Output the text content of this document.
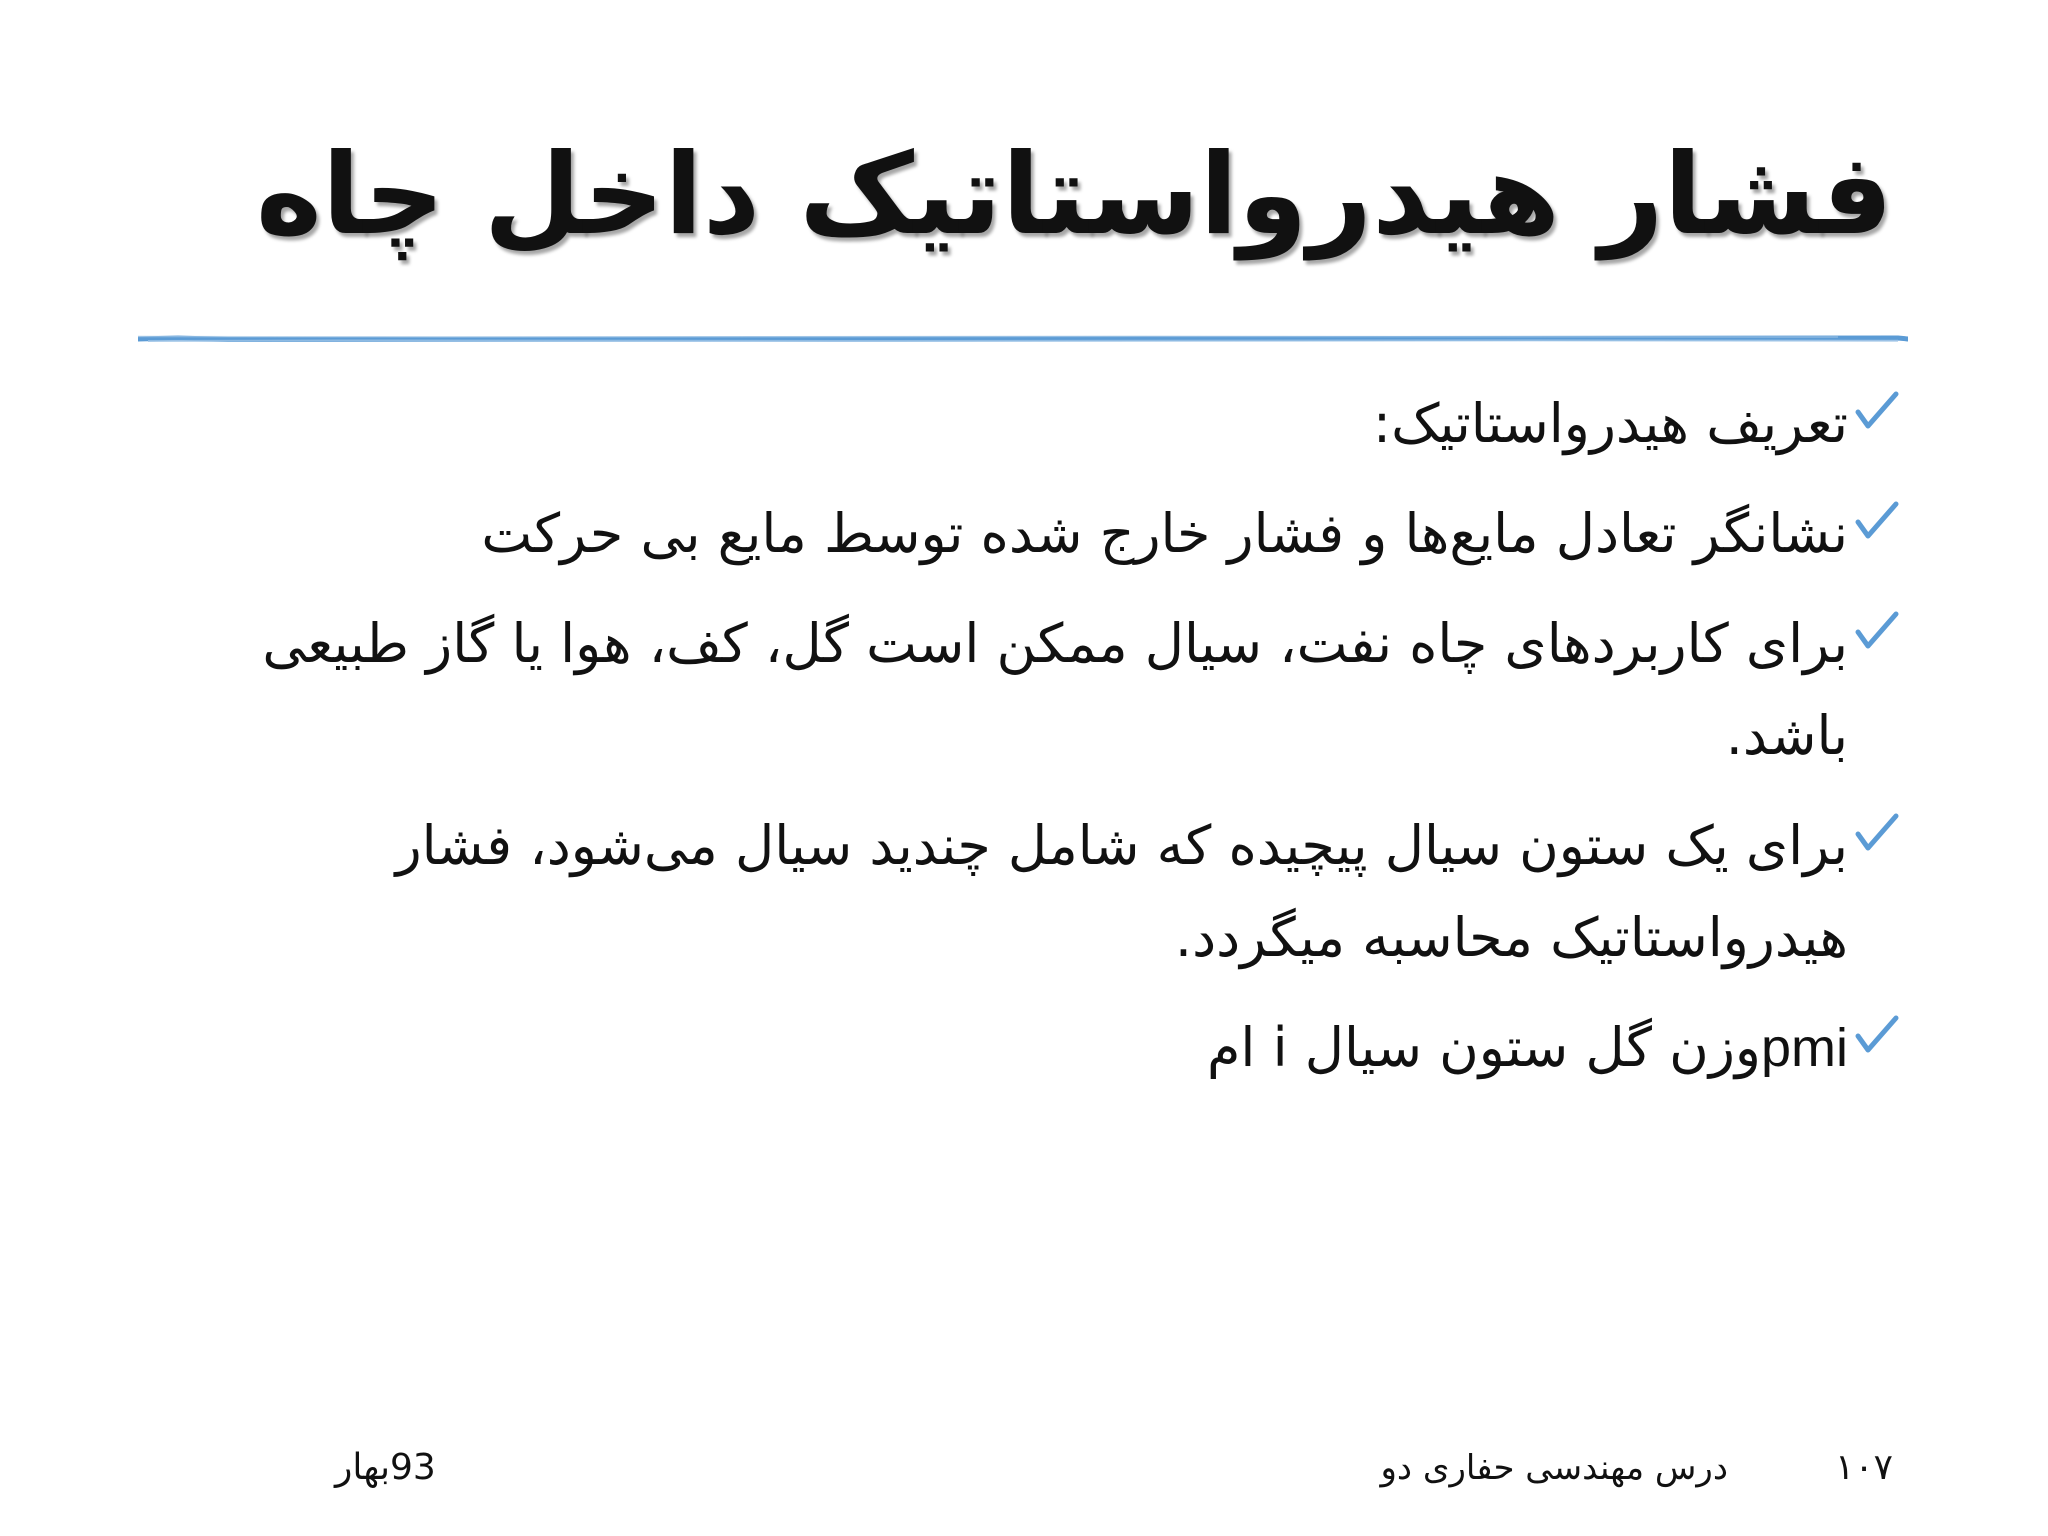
فشار هیدرواستاتیک داخل چاه
تعریف هیدرواستاتیک:
نشانگر تعادل مایع‌ها و فشار خارج شده توسط مایع بی حرکت
برای کاربردهای چاه نفت، سیال ممکن است گل، کف، هوا یا گاز طبیعی باشد.
برای یک ستون سیال پیچیده که شامل چندید سیال می‌شود، فشار هیدرواستاتیک محاسبه میگردد.
pmiوزن گل ستون سیال i ام
93بهار	درس مهندسی حفاری دو	۱۰۷
